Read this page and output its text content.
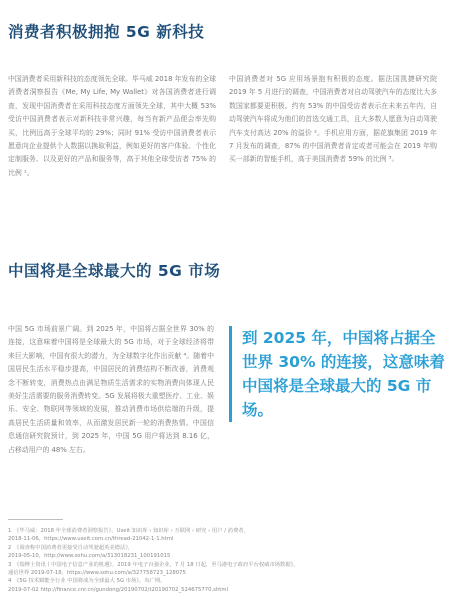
消费者积极拥抱 5G 新科技

中国消费者采用新科技的态度领先全球。毕马威 2018 年发布的全球消费者洞察报告《Me, My Life, My Wallet》对各国消费者进行调查，发现中国消费者在采用科技态度方面领先全球，其中大概 53% 受访中国消费者表示对新科技非常兴趣，每当有新产品便会率先购买，比例远高于全球平均的 29%；同时 91% 受访中国消费者表示愿意向企业提供个人数据以换取利益，例如更好的客户体验、个性化定制服务、以及更好的产品和服务等，高于其他全球受访者 75% 的比例 ¹。

中国消费者对 5G 应用场景抱有积极的态度。据法国凯捷研究院 2019 年 5 月进行的调查，中国消费者对自动驾驶汽车的态度比大多数国家都要更积极。约有 53% 的中国受访者表示在未来五年内，自动驾驶汽车将成为他们的首选交通工具，且大多数人愿意为自动驾驶汽车支付高达 20% 的溢价 ²。手机应用方面，据花旗集团 2019 年 7 月发布的调查，87% 的中国消费者肯定或者可能会在 2019 年购买一部新的智能手机，高于美国消费者 59% 的比例 ³。

中国将是全球最大的 5G 市场

中国 5G 市场前景广阔。到 2025 年，中国将占据全世界 30% 的连接，这意味着中国将是全球最大的 5G 市场，对于全球经济将带来巨大影响，中国有很大的潜力，为全球数字化作出贡献 ⁴。随着中国居民生活水平稳步提高，中国居民的消费结构不断改善，消费观念不断转变，消费热点由满足物质生活需求的实物消费向体现人民美好生活需要的服务消费转变。5G 发展将极大重塑医疗、工业、娱乐、安全、物联网等领域的发展，推动消费市场供给端的升级，提高居民生活质量和效率，从而激发居民新一轮的消费热情。中国信息通信研究院预计，到 2025 年，中国 5G 用户将达到 8.16 亿，占移动用户的 48% 左右。

到 2025 年，中国将占据全世界 30% 的连接，这意味着中国将是全球最大的 5G 市场。

1　《毕马威：2018 年全球消费者洞察报告》，Useit 知识库 › 知识库 › 互联网 › 研究 › 用户 / 消费者，
2018-11-06，https://www.useit.com.cn/thread-21042-1-1.html
2　《调查称中国消费者更接受自动驾驶超英美德法》，
2019-05-10，http://www.sohu.com/a/313018231_100191015
3　《瑞博士资讯丨中国电子信息产业的机遇》，2019 年电子百强企业，7 月 18 日起，至马港电子政府平台权威市场数据》，
通信世界 2019-07-18，https://www.sohu.com/a/327758723_128075
4　《5G 技术赋能全行业 中国将成为全球最大 5G 市场》，央广网，
2019-07-02 http://finance.cnr.cn/gundong/20190702/t20190702_524675770.shtml
